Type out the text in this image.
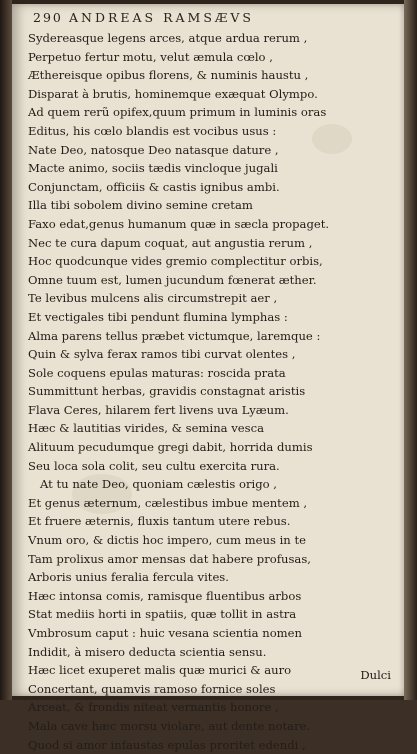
290 ANDREAS RAMSÆVS
Sydereasque legens arces, atque ardua rerum ,
Perpetuo fertur motu, velut æmula cœlo ,
Æthereisque opibus florens, & numinis haustu ,
Disparat à brutis, hominemque exæquat Olympo.
Ad quem rerũ opifex,quum primum in luminis oras
Editus, his cœlo blandis est vocibus usus :
Nate Deo, natosque Deo natasque dature ,
Macte animo, sociis tædis vincloque jugali
Conjunctam, officiis & castis ignibus ambi.
Illa tibi sobolem divino semine cretam
Faxo edat,genus humanum quæ in sæcla propaget.
Nec te cura dapum coquat, aut angustia rerum ,
Hoc quodcunque vides gremio complectitur orbis,
Omne tuum est, lumen jucundum fœnerat æther.
Te levibus mulcens alis circumstrepit aer ,
Et vectigales tibi pendunt flumina lymphas :
Alma parens tellus præbet victumque, laremque :
Quin & sylva ferax ramos tibi curvat olentes ,
Sole coquens epulas maturas: roscida prata
Summittunt herbas, gravidis constagnat aristis
Flava Ceres, hilarem fert livens uva Lyæum.
Hæc & lautitias virides, & semina vesca
Alituum pecudumque gregi dabit, horrida dumis
Seu loca sola colit, seu cultu exercita rura.
At tu nate Deo, quoniam cælestis origo ,
Et genus æternum, cælestibus imbue mentem ,
Et fruere æternis, fluxis tantum utere rebus.
Vnum oro, & dictis hoc impero, cum meus in te
Tam prolixus amor mensas dat habere profusas,
Arboris unius feralia fercula vites.
Hæc intonsa comis, ramisque fluentibus arbos
Stat mediis horti in spatiis, quæ tollit in astra
Vmbrosum caput : huic vesana scientia nomen
Indidit, à misero deducta scientia sensu.
Hæc licet exuperet malis quæ murici & auro
Concertant, quamvis ramoso fornice soles
Arceat, & frondis niteat vernantis honore ,
Mala cave hæc morsu violare, aut dente notare.
Quod si amor infaustas epulas proritet edendi ,
Dulci
